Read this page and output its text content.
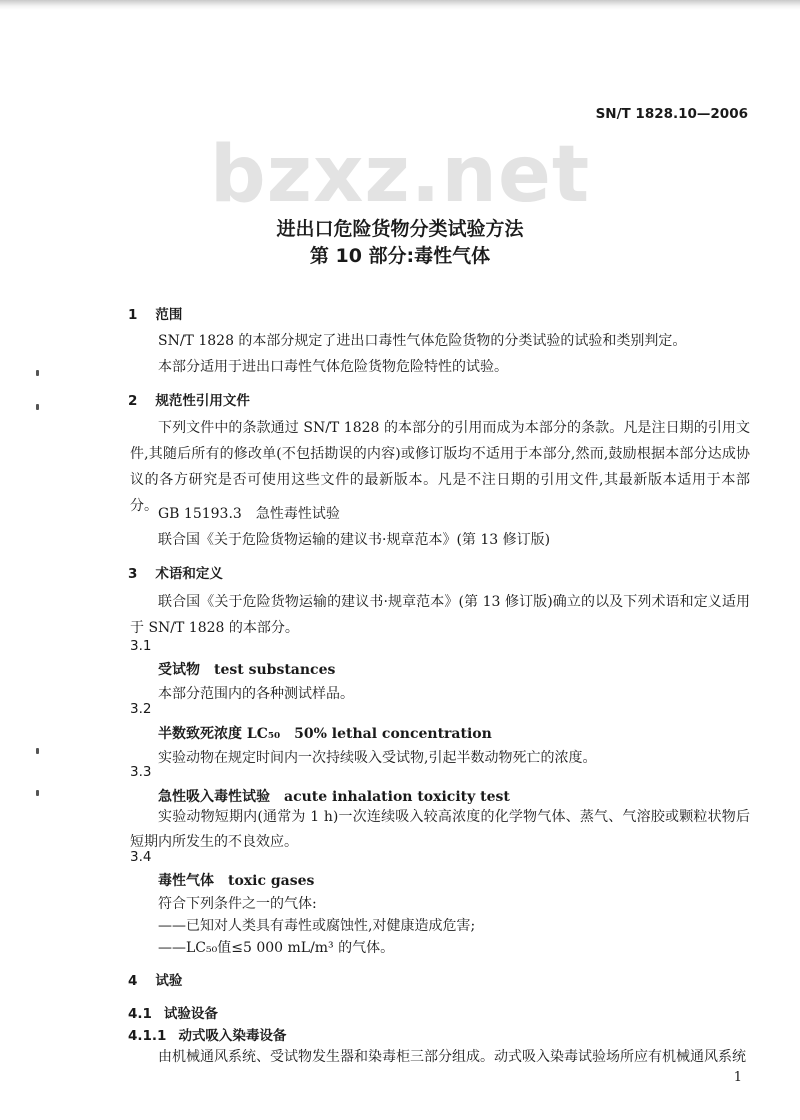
SN/T 1828.10—2006
bzxz.net
进出口危险货物分类试验方法
第 10 部分:毒性气体
1 范围
SN/T 1828 的本部分规定了进出口毒性气体危险货物的分类试验的试验和类别判定。
本部分适用于进出口毒性气体危险货物危险特性的试验。
2 规范性引用文件
下列文件中的条款通过 SN/T 1828 的本部分的引用而成为本部分的条款。凡是注日期的引用文件,其随后所有的修改单(不包括勘误的内容)或修订版均不适用于本部分,然而,鼓励根据本部分达成协议的各方研究是否可使用这些文件的最新版本。凡是不注日期的引用文件,其最新版本适用于本部分。 GB 15193.3　急性毒性试验
联合国《关于危险货物运输的建议书·规章范本》(第 13 修订版)
3 术语和定义
联合国《关于危险货物运输的建议书·规章范本》(第 13 修订版)确立的以及下列术语和定义适用于 SN/T 1828 的本部分。
3.1
受试物　test substances
本部分范围内的各种测试样品。
3.2
半数致死浓度 LC₅₀　50% lethal concentration
实验动物在规定时间内一次持续吸入受试物,引起半数动物死亡的浓度。
3.3
急性吸入毒性试验　acute inhalation toxicity test
实验动物短期内(通常为 1 h)一次连续吸入较高浓度的化学物气体、蒸气、气溶胶或颗粒状物后短期内所发生的不良效应。
3.4
毒性气体　toxic gases
符合下列条件之一的气体:
——已知对人类具有毒性或腐蚀性,对健康造成危害;
——LC₅₀值≤5 000 mL/m³ 的气体。
4 试验
4.1 试验设备
4.1.1 动式吸入染毒设备
由机械通风系统、受试物发生器和染毒柜三部分组成。动式吸入染毒试验场所应有机械通风系统
1
